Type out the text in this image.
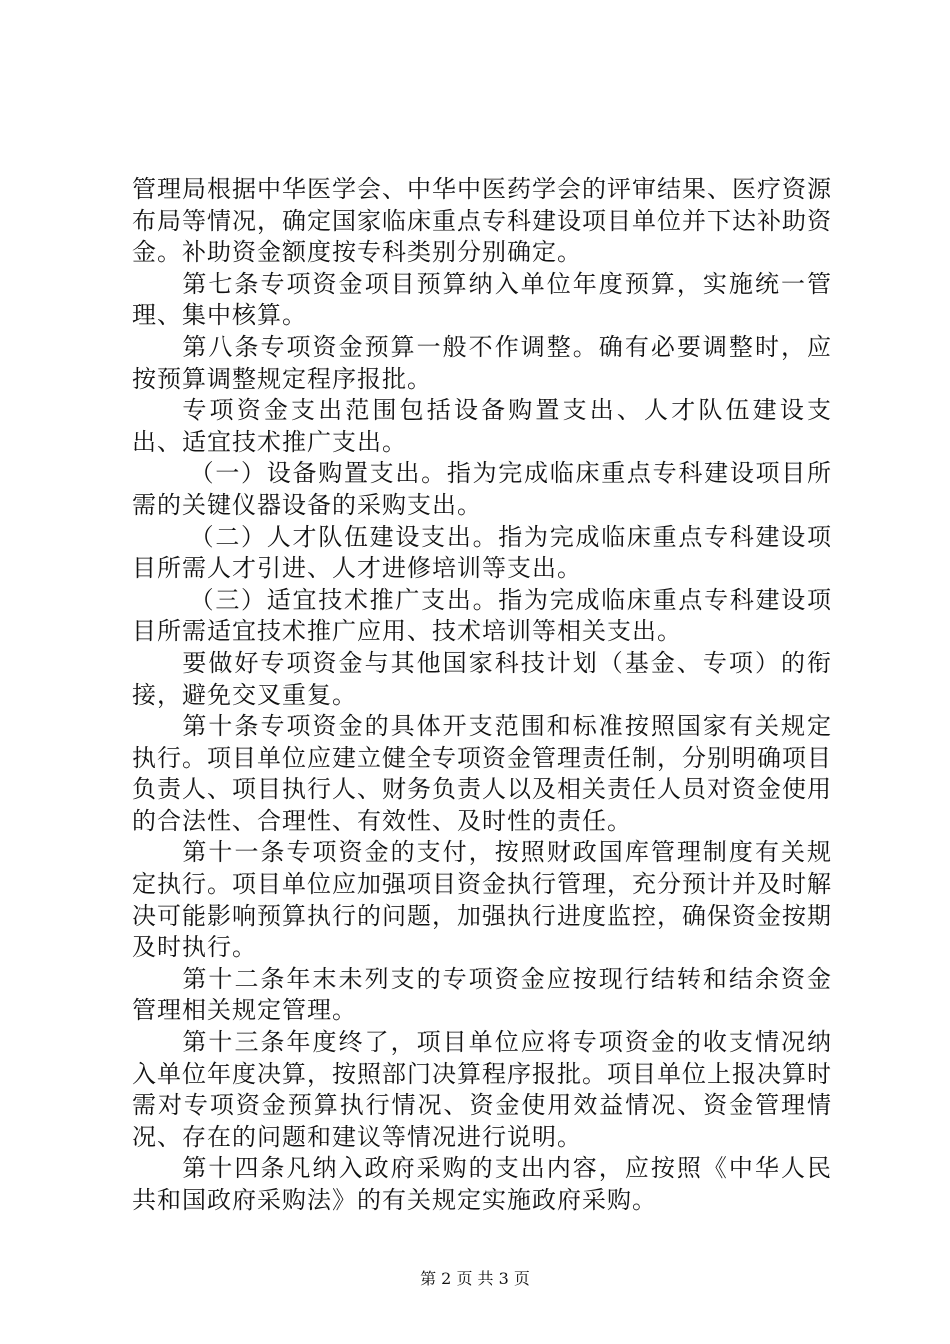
管理局根据中华医学会、中华中医药学会的评审结果、医疗资源布局等情况，确定国家临床重点专科建设项目单位并下达补助资金。补助资金额度按专科类别分别确定。

第七条专项资金项目预算纳入单位年度预算，实施统一管理、集中核算。

第八条专项资金预算一般不作调整。确有必要调整时，应按预算调整规定程序报批。

专项资金支出范围包括设备购置支出、人才队伍建设支出、适宜技术推广支出。

（一）设备购置支出。指为完成临床重点专科建设项目所需的关键仪器设备的采购支出。

（二）人才队伍建设支出。指为完成临床重点专科建设项目所需人才引进、人才进修培训等支出。

（三）适宜技术推广支出。指为完成临床重点专科建设项目所需适宜技术推广应用、技术培训等相关支出。

要做好专项资金与其他国家科技计划（基金、专项）的衔接，避免交叉重复。

第十条专项资金的具体开支范围和标准按照国家有关规定执行。项目单位应建立健全专项资金管理责任制，分别明确项目负责人、项目执行人、财务负责人以及相关责任人员对资金使用的合法性、合理性、有效性、及时性的责任。

第十一条专项资金的支付，按照财政国库管理制度有关规定执行。项目单位应加强项目资金执行管理，充分预计并及时解决可能影响预算执行的问题，加强执行进度监控，确保资金按期及时执行。

第十二条年末未列支的专项资金应按现行结转和结余资金管理相关规定管理。

第十三条年度终了，项目单位应将专项资金的收支情况纳入单位年度决算，按照部门决算程序报批。项目单位上报决算时需对专项资金预算执行情况、资金使用效益情况、资金管理情况、存在的问题和建议等情况进行说明。

第十四条凡纳入政府采购的支出内容，应按照《中华人民共和国政府采购法》的有关规定实施政府采购。

第 2 页 共 3 页
